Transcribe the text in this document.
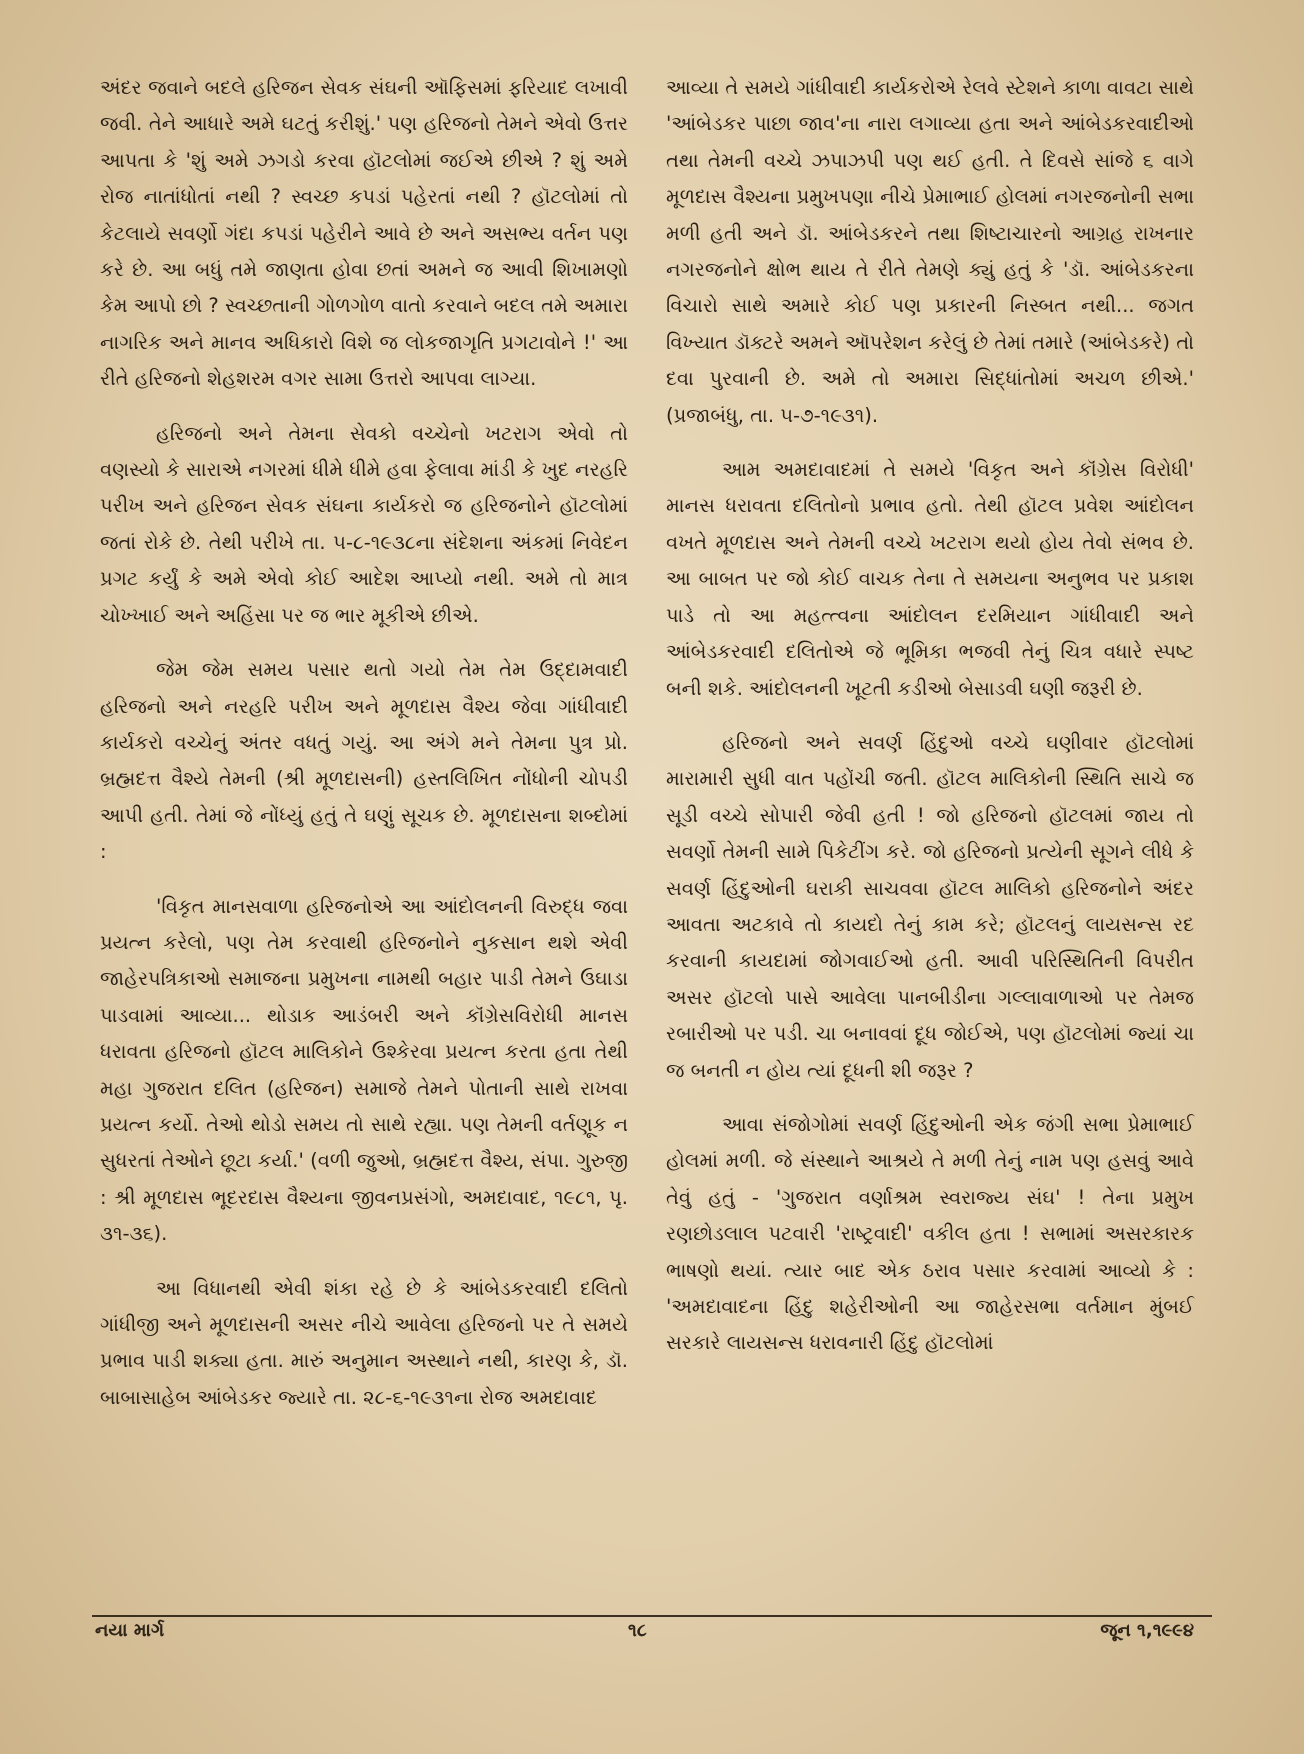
અંદર જવાને બદલે હરિજન સેવક સંઘની ઑફિસમાં ફરિયાદ લખાવી જવી. તેને આધારે અમે ઘટતું કરીશું.' પણ હરિજનો તેમને એવો ઉત્તર આપતા કે 'શું અમે ઝગડો કરવા હૉટલોમાં જઈએ છીએ ? શું અમે રોજ નાતાંધોતાં નથી ? સ્વચ્છ કપડાં પહેરતાં નથી ? હૉટલોમાં તો કેટલાયે સવર્ણો ગંદા કપડાં પહેરીને આવે છે અને અસભ્ય વર્તન પણ કરે છે. આ બધું તમે જાણતા હોવા છતાં અમને જ આવી શિખામણો કેમ આપો છો ? સ્વચ્છતાની ગોળગોળ વાતો કરવાને બદલ તમે અમારા નાગરિક અને માનવ અધિકારો વિશે જ લોકજાગૃતિ પ્રગટાવોને !' આ રીતે હરિજનો શેહશરમ વગર સામા ઉત્તરો આપવા લાગ્યા.

હરિજનો અને તેમના સેવકો વચ્ચેનો ખટરાગ એવો તો વણસ્યો કે સારાએ નગરમાં ધીમે ધીમે હવા ફેલાવા માંડી કે ખુદ નરહરિ પરીખ અને હરિજન સેવક સંઘના કાર્યકરો જ હરિજનોને હૉટલોમાં જતાં રોકે છે. તેથી પરીખે તા. ૫-૮-૧૯૩૮ના સંદેશના અંકમાં નિવેદન પ્રગટ કર્યું કે અમે એવો કોઈ આદેશ આપ્યો નથી. અમે તો માત્ર ચોખ્ખાઈ અને અહિંસા પર જ ભાર મૂકીએ છીએ.

જેમ જેમ સમય પસાર થતો ગયો તેમ તેમ ઉદ્દામવાદી હરિજનો અને નરહરિ પરીખ અને મૂળદાસ વૈશ્ય જેવા ગાંધીવાદી કાર્યકરો વચ્ચેનું અંતર વધતું ગયું. આ અંગે મને તેમના પુત્ર પ્રો. બ્રહ્મદત્ત વૈશ્યે તેમની (શ્રી મૂળદાસની) હસ્તલિખિત નોંધોની ચોપડી આપી હતી. તેમાં જે નોંધ્યું હતું તે ઘણું સૂચક છે. મૂળદાસના શબ્દોમાં :

'વિકૃત માનસવાળા હરિજનોએ આ આંદોલનની વિરુદ્ધ જવા પ્રયત્ન કરેલો, પણ તેમ કરવાથી હરિજનોને નુકસાન થશે એવી જાહેરપત્રિકાઓ સમાજના પ્રમુખના નામથી બહાર પાડી તેમને ઉઘાડા પાડવામાં આવ્યા... થોડાક આડંબરી અને કૉંગ્રેસવિરોધી માનસ ધરાવતા હરિજનો હૉટલ માલિકોને ઉશ્કેરવા પ્રયત્ન કરતા હતા તેથી મહા ગુજરાત દલિત (હરિજન) સમાજે તેમને પોતાની સાથે રાખવા પ્રયત્ન કર્યો. તેઓ થોડો સમય તો સાથે રહ્યા. પણ તેમની વર્તણૂક ન સુધરતાં તેઓને છૂટા કર્યા.' (વળી જુઓ, બ્રહ્મદત્ત વૈશ્ય, સંપા. ગુરુજી : શ્રી મૂળદાસ ભૂદરદાસ વૈશ્યના જીવનપ્રસંગો, અમદાવાદ, ૧૯૮૧, પૃ. ૩૧-૩૬).

આ વિધાનથી એવી શંકા રહે છે કે આંબેડકરવાદી દલિતો ગાંધીજી અને મૂળદાસની અસર નીચે આવેલા હરિજનો પર તે સમયે પ્રભાવ પાડી શક્યા હતા. મારું અનુમાન અસ્થાને નથી, કારણ કે, ડૉ. બાબાસાહેબ આંબેડકર જ્યારે તા. ૨૮-૬-૧૯૩૧ના રોજ અમદાવાદ

આવ્યા તે સમયે ગાંધીવાદી કાર્યકરોએ રેલવે સ્ટેશને કાળા વાવટા સાથે 'આંબેડકર પાછા જાવ'ના નારા લગાવ્યા હતા અને આંબેડકરવાદીઓ તથા તેમની વચ્ચે ઝપાઝપી પણ થઈ હતી. તે દિવસે સાંજે ૬ વાગે મૂળદાસ વૈશ્યના પ્રમુખપણા નીચે પ્રેમાભાઈ હોલમાં નગરજનોની સભા મળી હતી અને ડૉ. આંબેડકરને તથા શિષ્ટાચારનો આગ્રહ રાખનાર નગરજનોને ક્ષોભ થાય તે રીતે તેમણે ક્યું હતું કે 'ડૉ. આંબેડકરના વિચારો સાથે અમારે કોઈ પણ પ્રકારની નિસ્બત નથી... જગત વિખ્યાત ડૉક્ટરે અમને ઑપરેશન કરેલું છે તેમાં તમારે (આંબેડકરે) તો દવા પુરવાની છે. અમે તો અમારા સિદ્ધાંતોમાં અચળ છીએ.' (પ્રજાબંધુ, તા. ૫-૭-૧૯૩૧).

આમ અમદાવાદમાં તે સમયે 'વિકૃત અને કૉંગ્રેસ વિરોધી' માનસ ધરાવતા દલિતોનો પ્રભાવ હતો. તેથી હૉટલ પ્રવેશ આંદોલન વખતે મૂળદાસ અને તેમની વચ્ચે ખટરાગ થયો હોય તેવો સંભવ છે. આ બાબત પર જો કોઈ વાચક તેના તે સમયના અનુભવ પર પ્રકાશ પાડે તો આ મહત્ત્વના આંદોલન દરમિયાન ગાંધીવાદી અને આંબેડકરવાદી દલિતોએ જે ભૂમિકા ભજવી તેનું ચિત્ર વધારે સ્પષ્ટ બની શકે. આંદોલનની ખૂટતી કડીઓ બેસાડવી ઘણી જરૂરી છે.

હરિજનો અને સવર્ણ હિંદુઓ વચ્ચે ઘણીવાર હૉટલોમાં મારામારી સુધી વાત પહોંચી જતી. હૉટલ માલિકોની સ્થિતિ સાચે જ સૂડી વચ્ચે સોપારી જેવી હતી ! જો હરિજનો હૉટલમાં જાય તો સવર્ણો તેમની સામે પિકેટીંગ કરે. જો હરિજનો પ્રત્યેની સૂગને લીધે કે સવર્ણ હિંદુઓની ઘરાકી સાચવવા હૉટલ માલિકો હરિજનોને અંદર આવતા અટકાવે તો કાયદો તેનું કામ કરે; હૉટલનું લાયસન્સ રદ કરવાની કાયદામાં જોગવાઈઓ હતી. આવી પરિસ્થિતિની વિપરીત અસર હૉટલો પાસે આવેલા પાનબીડીના ગલ્લાવાળાઓ પર તેમજ રબારીઓ પર પડી. ચા બનાવવાં દૂધ જોઈએ, પણ હૉટલોમાં જ્યાં ચા જ બનતી ન હોય ત્યાં દૂધની શી જરૂર ?

આવા સંજોગોમાં સવર્ણ હિંદુઓની એક જંગી સભા પ્રેમાભાઈ હોલમાં મળી. જે સંસ્થાને આશ્રયે તે મળી તેનું નામ પણ હસવું આવે તેવું હતું - 'ગુજરાત વર્ણાશ્રમ સ્વરાજ્ય સંઘ' ! તેના પ્રમુખ રણછોડલાલ પટવારી 'રાષ્ટ્રવાદી' વકીલ હતા ! સભામાં અસરકારક ભાષણો થયાં. ત્યાર બાદ એક ઠરાવ પસાર કરવામાં આવ્યો કે : 'અમદાવાદના હિંદુ શહેરીઓની આ જાહેરસભા વર્તમાન મુંબઈ સરકારે લાયસન્સ ધરાવનારી હિંદુ હૉટલોમાં

નયા માર્ગ	૧૮	જૂન ૧,૧૯૯૪
